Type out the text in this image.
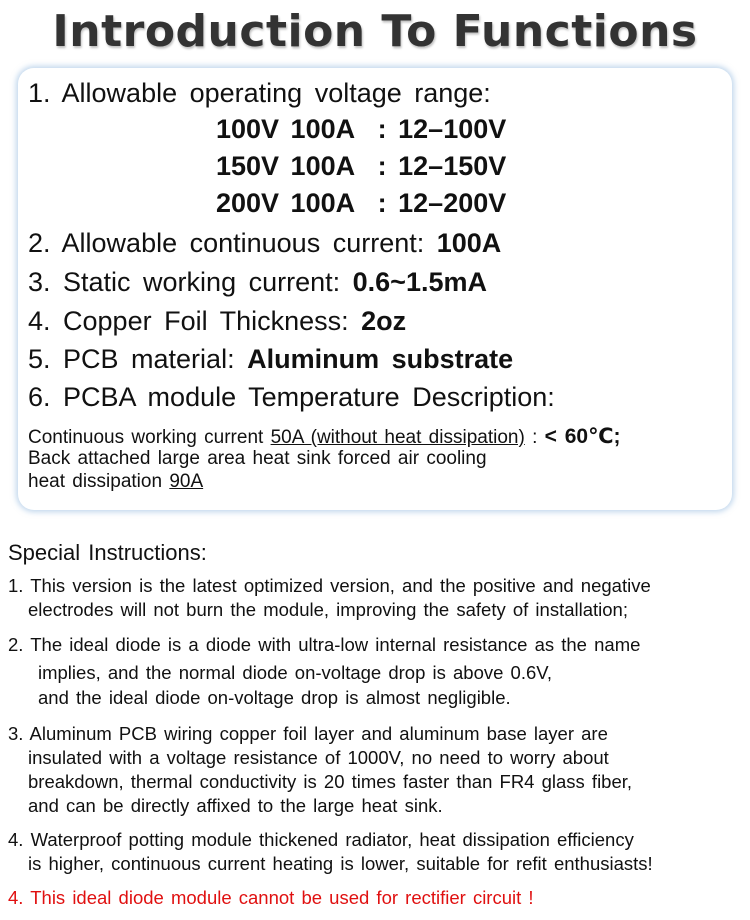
Introduction To Functions
1. Allowable operating voltage range:
100V 100A : 12–100V
150V 100A : 12–150V
200V 100A : 12–200V
2. Allowable continuous current: 100A
3. Static working current: 0.6~1.5mA
4. Copper Foil Thickness: 2oz
5. PCB material: Aluminum substrate
6. PCBA module Temperature Description:
Continuous working current 50A (without heat dissipation) : < 60℃;
Back attached large area heat sink forced air cooling
heat dissipation 90A
Special Instructions:
1. This version is the latest optimized version, and the positive and negative
electrodes will not burn the module, improving the safety of installation;
2. The ideal diode is a diode with ultra-low internal resistance as the name
implies, and the normal diode on-voltage drop is above 0.6V,
and the ideal diode on-voltage drop is almost negligible.
3. Aluminum PCB wiring copper foil layer and aluminum base layer are
insulated with a voltage resistance of 1000V, no need to worry about
breakdown, thermal conductivity is 20 times faster than FR4 glass fiber,
and can be directly affixed to the large heat sink.
4. Waterproof potting module thickened radiator, heat dissipation efficiency
is higher, continuous current heating is lower, suitable for refit enthusiasts!
4. This ideal diode module cannot be used for rectifier circuit !
